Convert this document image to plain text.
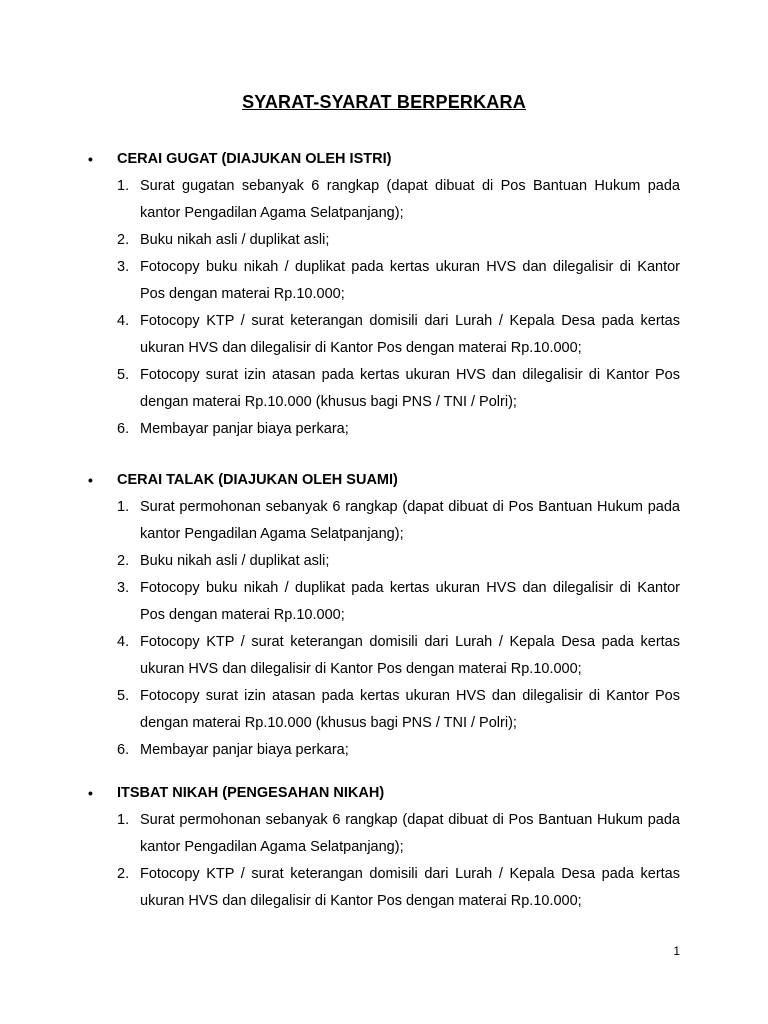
SYARAT-SYARAT BERPERKARA
•	CERAI GUGAT (DIAJUKAN OLEH ISTRI)
1. Surat gugatan sebanyak 6 rangkap (dapat dibuat di Pos Bantuan Hukum pada kantor Pengadilan Agama Selatpanjang);
2. Buku nikah asli / duplikat asli;
3. Fotocopy buku nikah / duplikat pada kertas ukuran HVS dan dilegalisir di Kantor Pos dengan materai Rp.10.000;
4. Fotocopy KTP / surat keterangan domisili dari Lurah / Kepala Desa pada kertas ukuran HVS dan dilegalisir di Kantor Pos dengan materai Rp.10.000;
5. Fotocopy surat izin atasan pada kertas ukuran HVS dan dilegalisir di Kantor Pos dengan materai Rp.10.000 (khusus bagi PNS / TNI / Polri);
6. Membayar panjar biaya perkara;
•	CERAI TALAK (DIAJUKAN OLEH SUAMI)
1. Surat permohonan sebanyak 6 rangkap (dapat dibuat di Pos Bantuan Hukum pada kantor Pengadilan Agama Selatpanjang);
2. Buku nikah asli / duplikat asli;
3. Fotocopy buku nikah / duplikat pada kertas ukuran HVS dan dilegalisir di Kantor Pos dengan materai Rp.10.000;
4. Fotocopy KTP / surat keterangan domisili dari Lurah / Kepala Desa pada kertas ukuran HVS dan dilegalisir di Kantor Pos dengan materai Rp.10.000;
5. Fotocopy surat izin atasan pada kertas ukuran HVS dan dilegalisir di Kantor Pos dengan materai Rp.10.000 (khusus bagi PNS / TNI / Polri);
6. Membayar panjar biaya perkara;
•	ITSBAT NIKAH (PENGESAHAN NIKAH)
1. Surat permohonan sebanyak 6 rangkap (dapat dibuat di Pos Bantuan Hukum pada kantor Pengadilan Agama Selatpanjang);
2. Fotocopy KTP / surat keterangan domisili dari Lurah / Kepala Desa pada kertas ukuran HVS dan dilegalisir di Kantor Pos dengan materai Rp.10.000;
1
